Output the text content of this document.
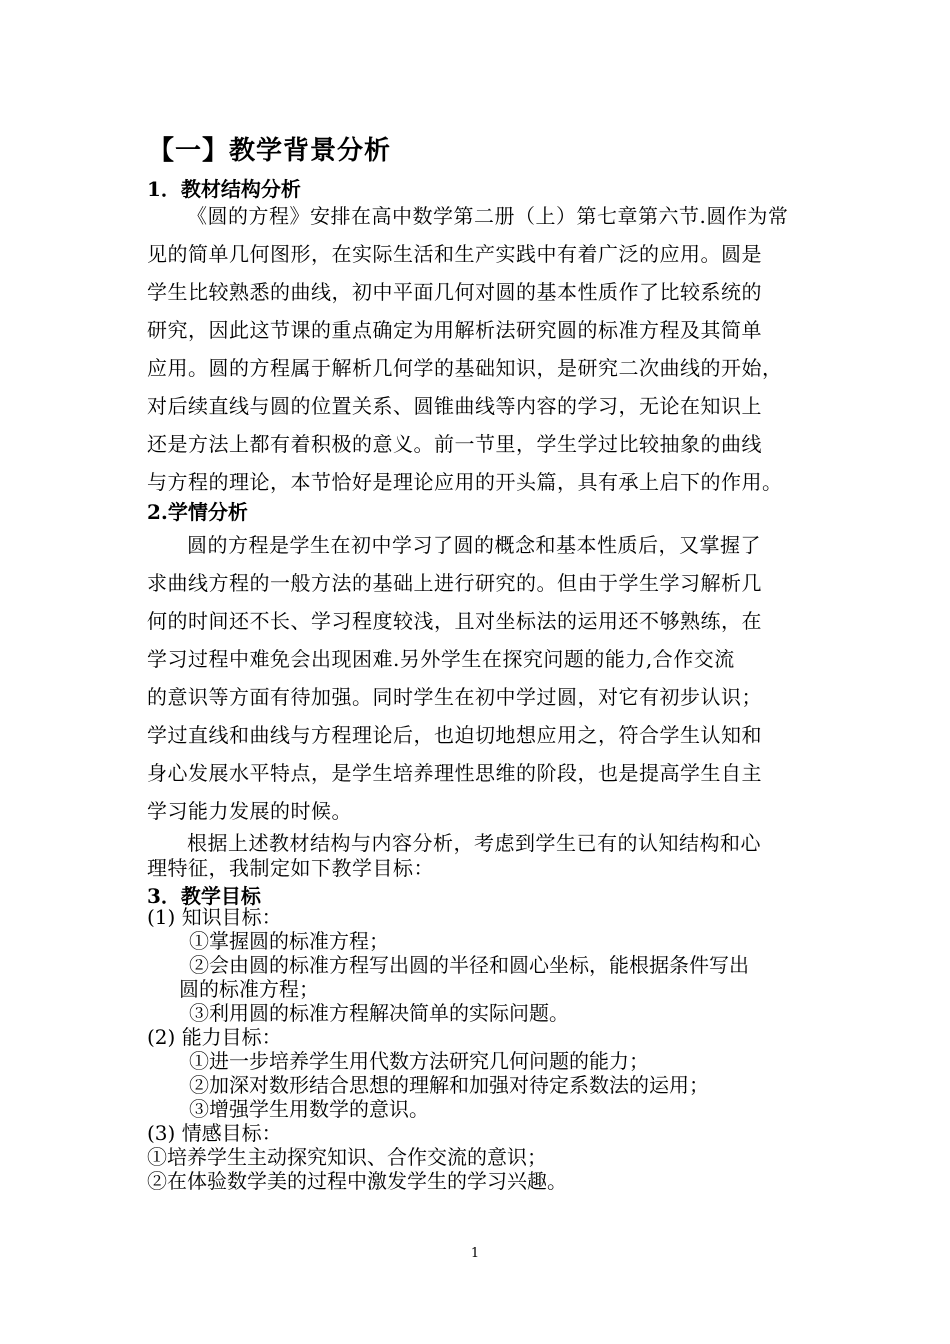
【一】教学背景分析
1．教材结构分析
《圆的方程》安排在高中数学第二册（上）第七章第六节.圆作为常
见的简单几何图形，在实际生活和生产实践中有着广泛的应用。圆是
学生比较熟悉的曲线，初中平面几何对圆的基本性质作了比较系统的
研究，因此这节课的重点确定为用解析法研究圆的标准方程及其简单
应用。圆的方程属于解析几何学的基础知识，是研究二次曲线的开始，
对后续直线与圆的位置关系、圆锥曲线等内容的学习，无论在知识上
还是方法上都有着积极的意义。前一节里，学生学过比较抽象的曲线
与方程的理论，本节恰好是理论应用的开头篇，具有承上启下的作用。
2.学情分析
圆的方程是学生在初中学习了圆的概念和基本性质后，又掌握了
求曲线方程的一般方法的基础上进行研究的。但由于学生学习解析几
何的时间还不长、学习程度较浅，且对坐标法的运用还不够熟练，在
学习过程中难免会出现困难.另外学生在探究问题的能力,合作交流
的意识等方面有待加强。同时学生在初中学过圆，对它有初步认识；
学过直线和曲线与方程理论后，也迫切地想应用之，符合学生认知和
身心发展水平特点，是学生培养理性思维的阶段，也是提高学生自主
学习能力发展的时候。
根据上述教材结构与内容分析，考虑到学生已有的认知结构和心
理特征，我制定如下教学目标：
3．教学目标
(1) 知识目标：
①掌握圆的标准方程；
②会由圆的标准方程写出圆的半径和圆心坐标，能根据条件写出
圆的标准方程；
③利用圆的标准方程解决简单的实际问题。
(2) 能力目标：
①进一步培养学生用代数方法研究几何问题的能力；
②加深对数形结合思想的理解和加强对待定系数法的运用；
③增强学生用数学的意识。
(3) 情感目标：
①培养学生主动探究知识、合作交流的意识；
②在体验数学美的过程中激发学生的学习兴趣。
1
